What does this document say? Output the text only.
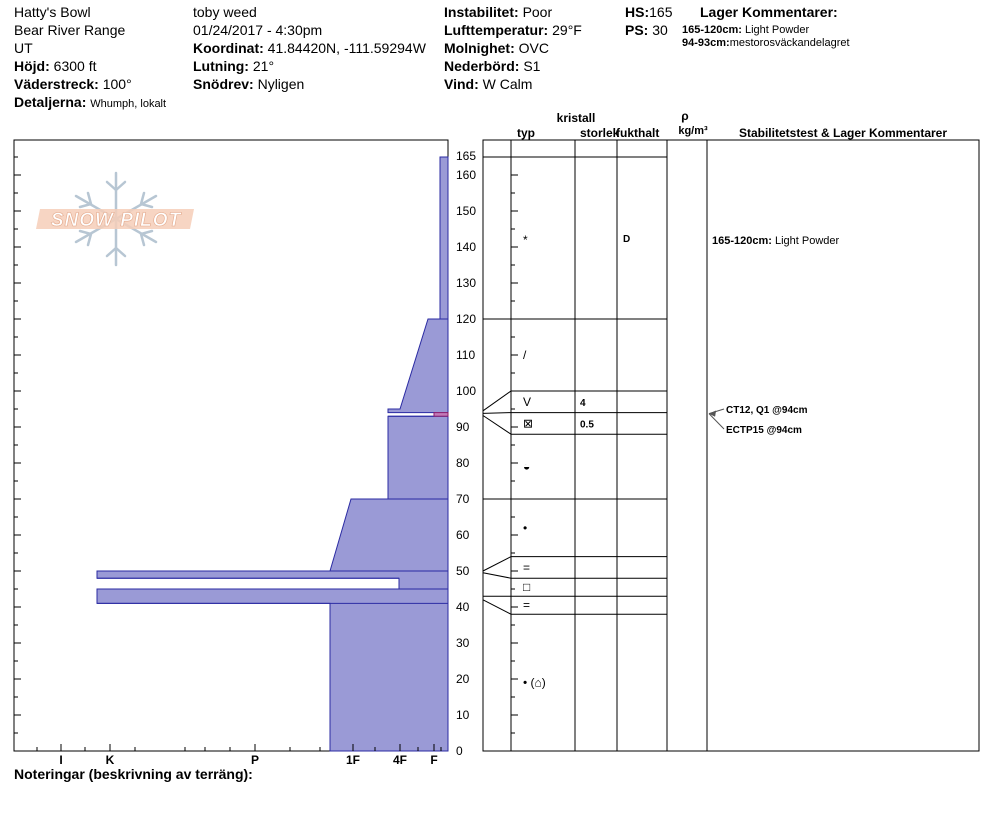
Hatty's Bowl
Bear River Range
UT
Höjd: 6300 ft
Väderstreck: 100°
Detaljerna: Whumph, lokalt
toby weed
01/24/2017 - 4:30pm
Koordinat: 41.84420N, -111.59294W
Lutning: 21°
Snödrev: Nyligen
Instabilitet: Poor
Lufttemperatur: 29°F
Molnighet: OVC
Nederbörd: S1
Vind: W Calm
HS:165
PS: 30
Lager Kommentarer:
165-120cm: Light Powder
94-93cm:mestorosväckandelagret
SNOW PILOT
I	K	P	1F	4F F
0
10
20
30
40
50
60
70
80
90
100
110
120
130
140
150
160
165
*	D
/
V	4
⊠	0.5
◒
•
=
□
=
• (⌂)
165-120cm: Light Powder
CT12, Q1 @94cm
ECTP15 @94cm
kristall
typ	storlek
fukthalt
ρ
kg/m³	Stabilitetstest & Lager Kommentarer
Noteringar (beskrivning av terräng):
